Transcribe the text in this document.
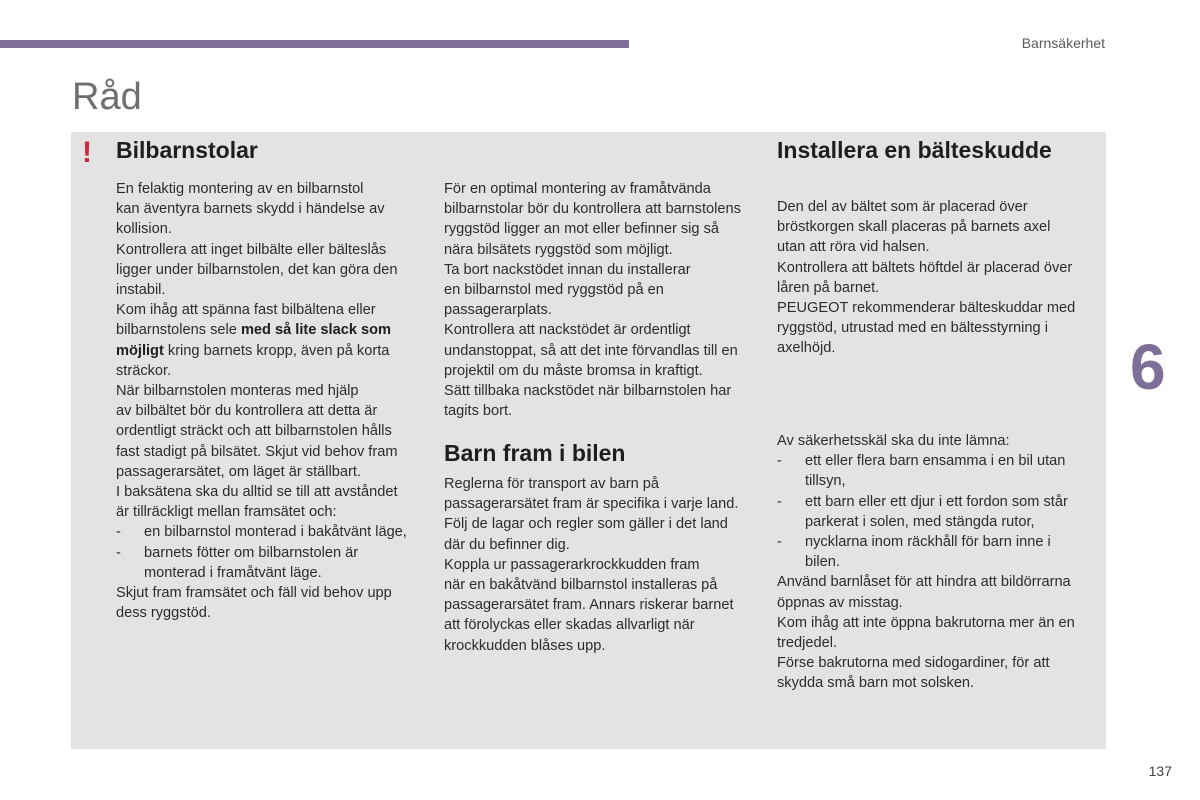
Barnsäkerhet
Råd
! Bilbarnstolar

En felaktig montering av en bilbarnstol
kan äventyra barnets skydd i händelse av
kollision.

Kontrollera att inget bilbälte eller bälteslås
ligger under bilbarnstolen, det kan göra den
instabil.

Kom ihåg att spänna fast bilbältena eller
bilbarnstolens sele med så lite slack som
möjligt kring barnets kropp, även på korta
sträckor.

När bilbarnstolen monteras med hjälp
av bilbältet bör du kontrollera att detta är
ordentligt sträckt och att bilbarnstolen hålls
fast stadigt på bilsätet. Skjut vid behov fram
passagerarsätet, om läget är ställbart.

I baksätena ska du alltid se till att avståndet
är tillräckligt mellan framsätet och:

- en bilbarnstol monterad i bakåtvänt läge,
- barnets fötter om bilbarnstolen är
monterad i framåtvänt läge.

Skjut fram framsätet och fäll vid behov upp
dess ryggstöd.

För en optimal montering av framåtvända
bilbarnstolar bör du kontrollera att barnstolens
ryggstöd ligger an mot eller befinner sig så
nära bilsätets ryggstöd som möjligt.

Ta bort nackstödet innan du installerar
en bilbarnstol med ryggstöd på en
passagerarplats.

Kontrollera att nackstödet är ordentligt
undanstoppat, så att det inte förvandlas till en
projektil om du måste bromsa in kraftigt.

Sätt tillbaka nackstödet när bilbarnstolen har
tagits bort.

Barn fram i bilen

Reglerna för transport av barn på
passagerarsätet fram är specifika i varje land.
Följ de lagar och regler som gäller i det land
där du befinner dig.

Koppla ur passagerarkrockkudden fram
när en bakåtvänd bilbarnstol installeras på
passagerarsätet fram. Annars riskerar barnet
att förolyckas eller skadas allvarligt när
krockkudden blåses upp.

Installera en bälteskudde

Den del av bältet som är placerad över
bröstkorgen skall placeras på barnets axel
utan att röra vid halsen.

Kontrollera att bältets höftdel är placerad över
låren på barnet.

PEUGEOT rekommenderar bälteskuddar med
ryggstöd, utrustad med en bältesstyrning i
axelhöjd.

Av säkerhetsskäl ska du inte lämna:

- ett eller flera barn ensamma i en bil utan
tillsyn,
- ett barn eller ett djur i ett fordon som står
parkerat i solen, med stängda rutor,
- nycklarna inom räckhåll för barn inne i
bilen.

Använd barnlåset för att hindra att bildörrarna
öppnas av misstag.

Kom ihåg att inte öppna bakrutorna mer än en
tredjedel.

Förse bakrutorna med sidogardiner, för att
skydda små barn mot solsken.

6
137
